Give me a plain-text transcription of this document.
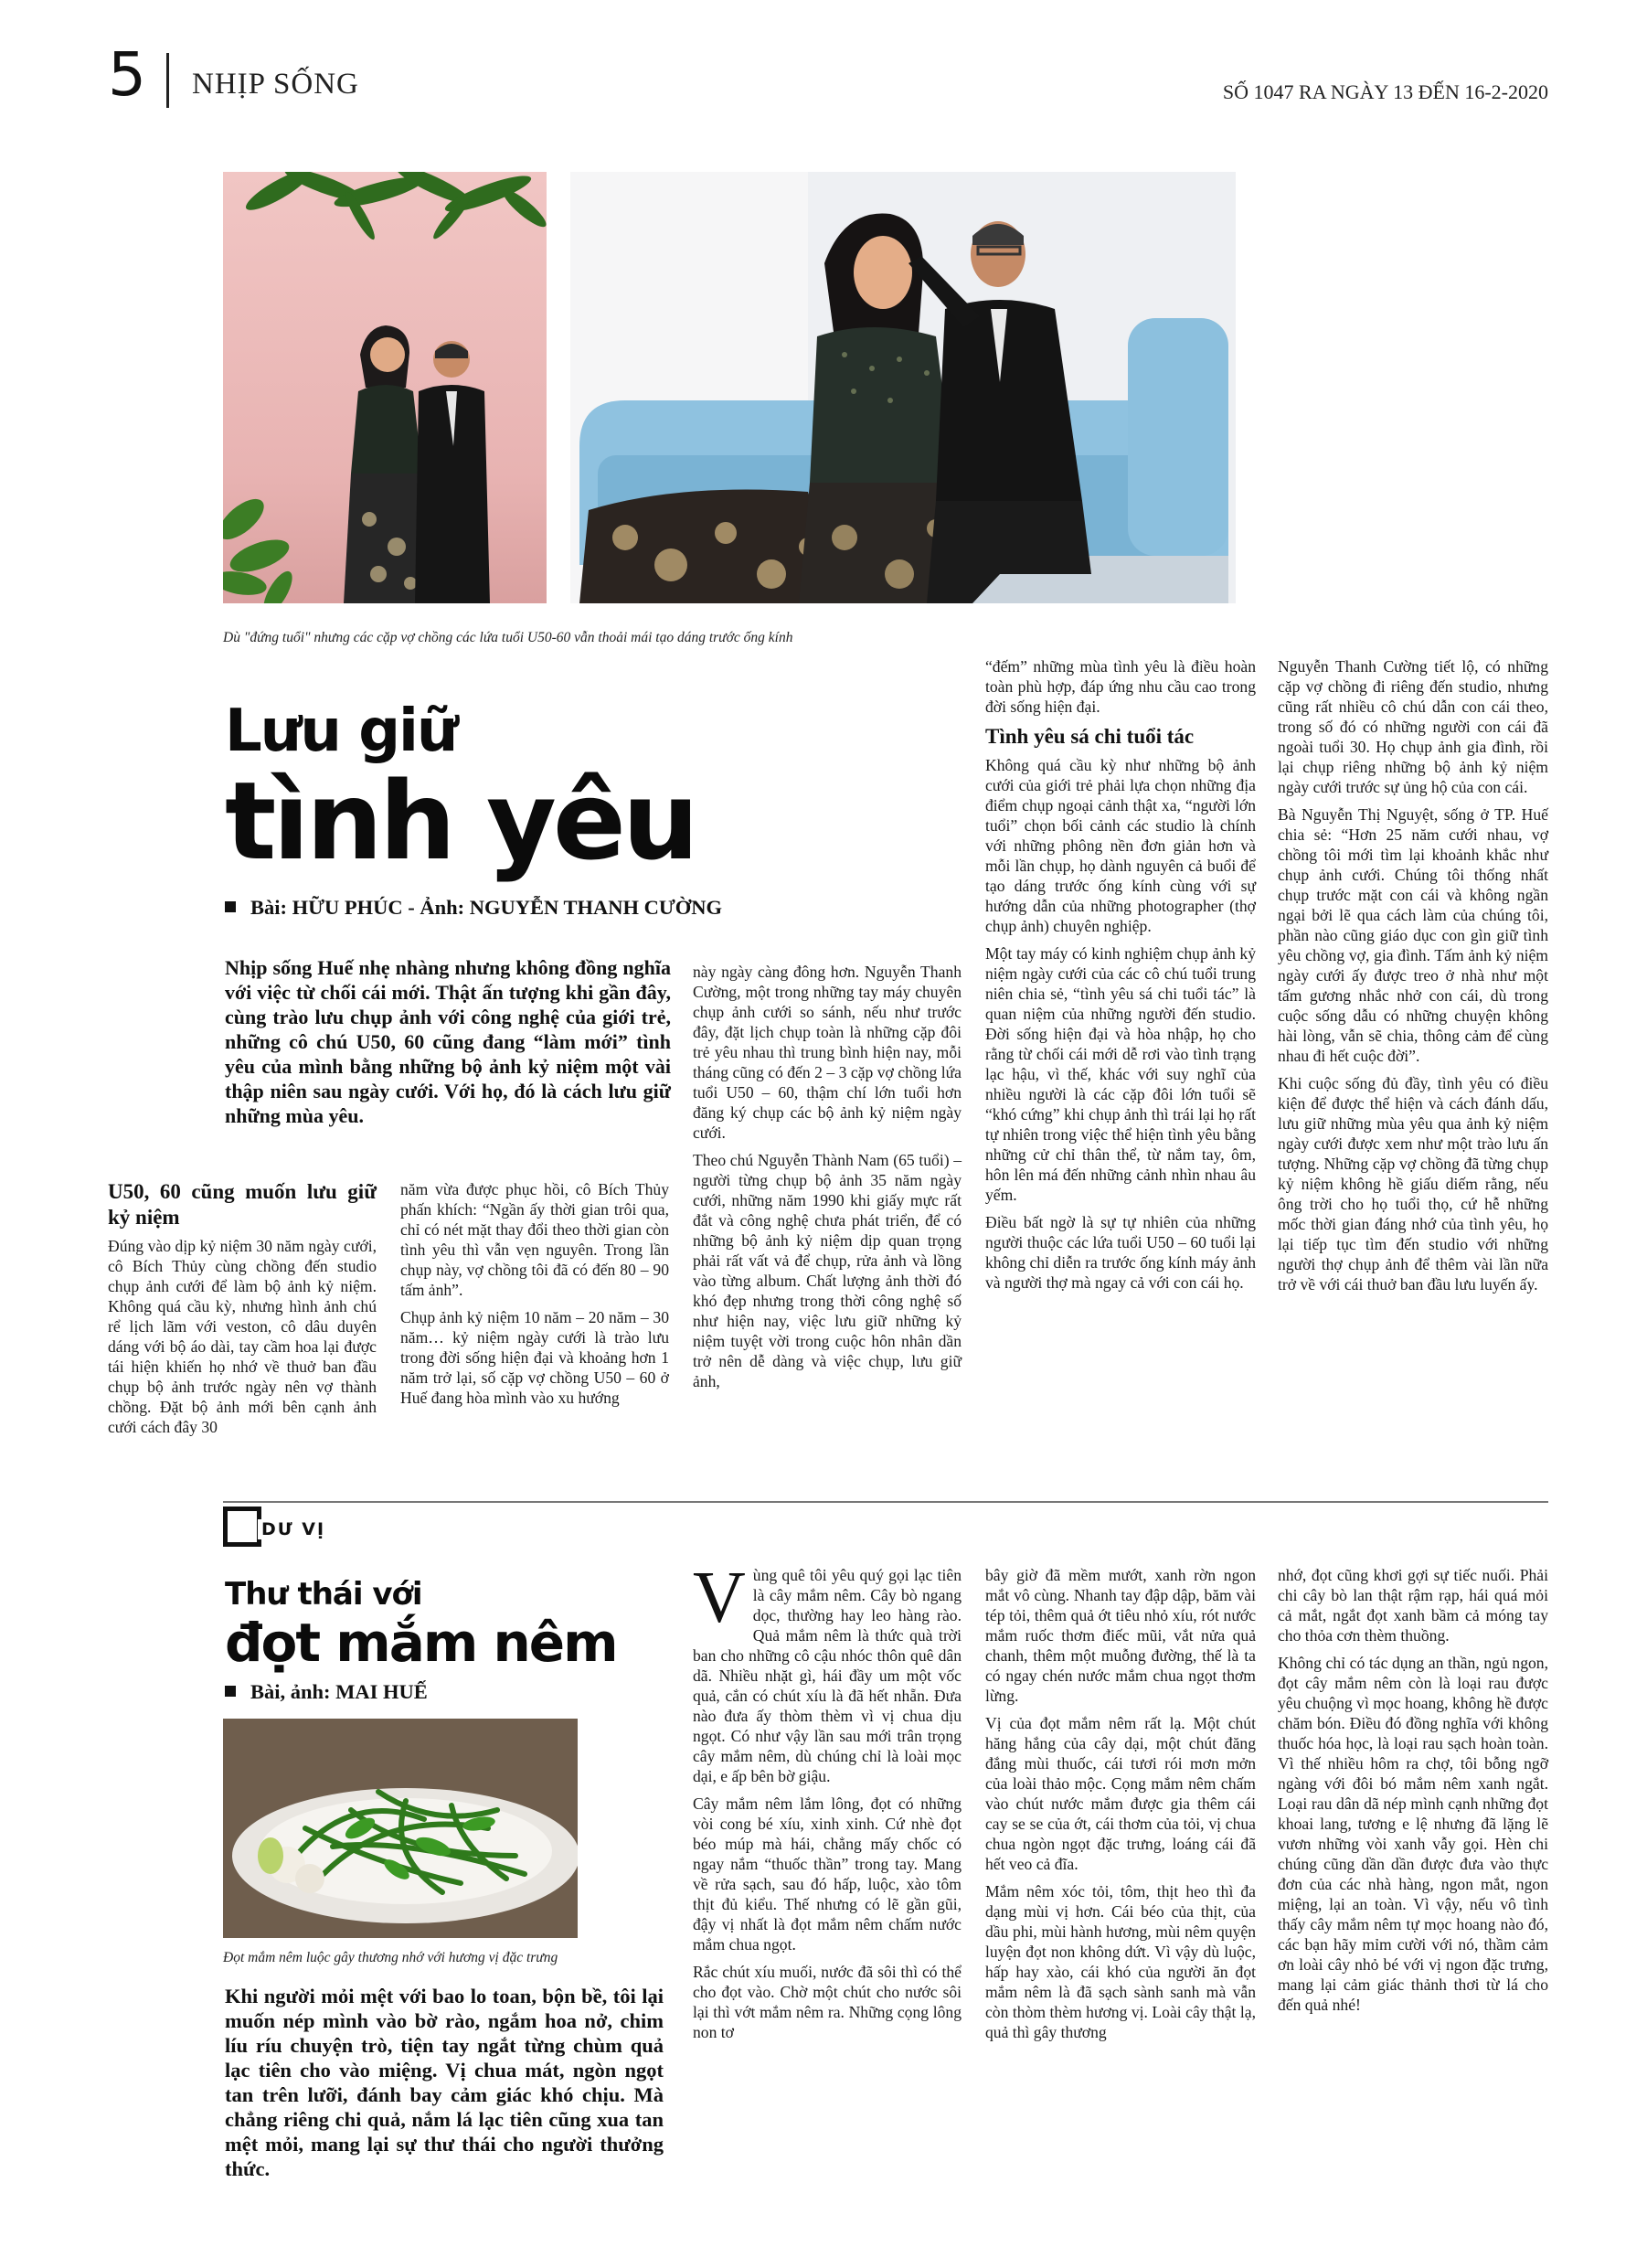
5 NHỊP SỐNG	SỐ 1047 RA NGÀY 13 ĐẾN 16-2-2020
Dù "đứng tuổi" nhưng các cặp vợ chồng các lứa tuổi U50-60 vẫn thoải mái tạo dáng trước ống kính
Lưu giữ
tình yêu
Bài: HỮU PHÚC - Ảnh: NGUYỄN THANH CƯỜNG
Nhịp sống Huế nhẹ nhàng nhưng không đồng nghĩa với việc từ chối cái mới. Thật ấn tượng khi gần đây, cùng trào lưu chụp ảnh với công nghệ của giới trẻ, những cô chú U50, 60 cũng đang “làm mới” tình yêu của mình bằng những bộ ảnh kỷ niệm một vài thập niên sau ngày cưới. Với họ, đó là cách lưu giữ những mùa yêu.
U50, 60 cũng muốn lưu giữ kỷ niệm

Đúng vào dịp kỷ niệm 30 năm ngày cưới, cô Bích Thủy cùng chồng đến studio chụp ảnh cưới để làm bộ ảnh kỷ niệm. Không quá cầu kỳ, nhưng hình ảnh chú rể lịch lãm với veston, cô dâu duyên dáng với bộ áo dài, tay cầm hoa lại được tái hiện khiến họ nhớ về thuở ban đầu chụp bộ ảnh trước ngày nên vợ thành chồng. Đặt bộ ảnh mới bên cạnh ảnh cưới cách đây 30

năm vừa được phục hồi, cô Bích Thủy phấn khích: “Ngần ấy thời gian trôi qua, chỉ có nét mặt thay đổi theo thời gian còn tình yêu thì vẫn vẹn nguyên. Trong lần chụp này, vợ chồng tôi đã có đến 80 – 90 tấm ảnh”.

Chụp ảnh kỷ niệm 10 năm – 20 năm – 30 năm… kỷ niệm ngày cưới là trào lưu trong đời sống hiện đại và khoảng hơn 1 năm trở lại, số cặp vợ chồng U50 – 60 ở Huế đang hòa mình vào xu hướng

này ngày càng đông hơn. Nguyễn Thanh Cường, một trong những tay máy chuyên chụp ảnh cưới so sánh, nếu như trước đây, đặt lịch chụp toàn là những cặp đôi trẻ yêu nhau thì trung bình hiện nay, mỗi tháng cũng có đến 2 – 3 cặp vợ chồng lứa tuổi U50 – 60, thậm chí lớn tuổi hơn đăng ký chụp các bộ ảnh kỷ niệm ngày cưới.

Theo chú Nguyễn Thành Nam (65 tuổi) – người từng chụp bộ ảnh 35 năm ngày cưới, những năm 1990 khi giấy mực rất đắt và công nghệ chưa phát triển, để có những bộ ảnh kỷ niệm dịp quan trọng phải rất vất vả để chụp, rửa ảnh và lồng vào từng album. Chất lượng ảnh thời đó khó đẹp nhưng trong thời công nghệ số như hiện nay, việc lưu giữ những kỷ niệm tuyệt vời trong cuộc hôn nhân dần trở nên dễ dàng và việc chụp, lưu giữ ảnh,

“đếm” những mùa tình yêu là điều hoàn toàn phù hợp, đáp ứng nhu cầu cao trong đời sống hiện đại.

Tình yêu sá chi tuổi tác

Không quá cầu kỳ như những bộ ảnh cưới của giới trẻ phải lựa chọn những địa điểm chụp ngoại cảnh thật xa, “người lớn tuổi” chọn bối cảnh các studio là chính với những phông nền đơn giản hơn và mỗi lần chụp, họ dành nguyên cả buổi để tạo dáng trước ống kính cùng với sự hướng dẫn của những photographer (thợ chụp ảnh) chuyên nghiệp.

Một tay máy có kinh nghiệm chụp ảnh kỷ niệm ngày cưới của các cô chú tuổi trung niên chia sẻ, “tình yêu sá chi tuổi tác” là quan niệm của những người đến studio. Đời sống hiện đại và hòa nhập, họ cho rằng từ chối cái mới dễ rơi vào tình trạng lạc hậu, vì thế, khác với suy nghĩ của nhiều người là các cặp đôi lớn tuổi sẽ “khó cứng” khi chụp ảnh thì trái lại họ rất tự nhiên trong việc thể hiện tình yêu bằng những cử chỉ thân thể, từ nắm tay, ôm, hôn lên má đến những cảnh nhìn nhau âu yếm.

Điều bất ngờ là sự tự nhiên của những người thuộc các lứa tuổi U50 – 60 tuổi lại không chỉ diễn ra trước ống kính máy ảnh và người thợ mà ngay cả với con cái họ.

Nguyễn Thanh Cường tiết lộ, có những cặp vợ chồng đi riêng đến studio, nhưng cũng rất nhiều cô chú dẫn con cái theo, trong số đó có những người con cái đã ngoài tuổi 30. Họ chụp ảnh gia đình, rồi lại chụp riêng những bộ ảnh kỷ niệm ngày cưới trước sự ủng hộ của con cái.

Bà Nguyễn Thị Nguyệt, sống ở TP. Huế chia sẻ: “Hơn 25 năm cưới nhau, vợ chồng tôi mới tìm lại khoảnh khắc như chụp ảnh cưới. Chúng tôi thống nhất chụp trước mặt con cái và không ngần ngại bởi lẽ qua cách làm của chúng tôi, phần nào cũng giáo dục con gìn giữ tình yêu chồng vợ, gia đình. Tấm ảnh kỷ niệm ngày cưới ấy được treo ở nhà như một tấm gương nhắc nhở con cái, dù trong cuộc sống dẫu có những chuyện không hài lòng, vẫn sẽ chia, thông cảm để cùng nhau đi hết cuộc đời”.

Khi cuộc sống đủ đầy, tình yêu có điều kiện để được thể hiện và cách đánh dấu, lưu giữ những mùa yêu qua ảnh kỷ niệm ngày cưới được xem như một trào lưu ấn tượng. Những cặp vợ chồng đã từng chụp kỷ niệm không hề giấu diếm rằng, nếu ông trời cho họ tuổi thọ, cứ hễ những mốc thời gian đáng nhớ của tình yêu, họ lại tiếp tục tìm đến studio với những người thợ chụp ảnh để thêm vài lần nữa trở về với cái thuở ban đầu lưu luyến ấy.

DƯ VỊ
Thư thái với
đọt mắm nêm
Bài, ảnh: MAI HUẾ
Đọt mắm nêm luộc gây thương nhớ với hương vị đặc trưng
Khi người mỏi mệt với bao lo toan, bộn bề, tôi lại muốn nép mình vào bờ rào, ngắm hoa nở, chim líu ríu chuyện trò, tiện tay ngắt từng chùm quả lạc tiên cho vào miệng. Vị chua mát, ngòn ngọt tan trên lưỡi, đánh bay cảm giác khó chịu. Mà chẳng riêng chi quả, nắm lá lạc tiên cũng xua tan mệt mỏi, mang lại sự thư thái cho người thưởng thức.

Vùng quê tôi yêu quý gọi lạc tiên là cây mắm nêm. Cây bò ngang dọc, thường hay leo hàng rào. Quả mắm nêm là thức quà trời ban cho những cô cậu nhóc thôn quê dân dã. Nhiều nhặt gì, hái đầy um một vốc quả, cắn có chút xíu là đã hết nhẵn. Đưa nào đưa ấy thòm thèm vì vị chua dịu ngọt. Có như vậy lần sau mới trân trọng cây mắm nêm, dù chúng chỉ là loài mọc dại, e ấp bên bờ giậu.

Cây mắm nêm lắm lông, đọt có những vòi cong bé xíu, xinh xinh. Cứ nhè đọt béo múp mà hái, chẳng mấy chốc có ngay nắm “thuốc thần” trong tay. Mang về rửa sạch, sau đó hấp, luộc, xào tôm thịt đủ kiểu. Thế nhưng có lẽ gần gũi, đậy vị nhất là đọt mắm nêm chấm nước mắm chua ngọt.

Rắc chút xíu muối, nước đã sôi thì có thể cho đọt vào. Chờ một chút cho nước sôi lại thì vớt mắm nêm ra. Những cọng lông non tơ

bây giờ đã mềm mướt, xanh rờn ngon mắt vô cùng. Nhanh tay đập dập, băm vài tép tỏi, thêm quả ớt tiêu nhỏ xíu, rót nước mắm ruốc thơm điếc mũi, vắt nửa quả chanh, thêm một muỗng đường, thế là ta có ngay chén nước mắm chua ngọt thơm lừng.

Vị của đọt mắm nêm rất lạ. Một chút hăng hắng của cây dại, một chút đăng đắng mùi thuốc, cái tươi rói mơn mởn của loài thảo mộc. Cọng mắm nêm chấm vào chút nước mắm được gia thêm cái cay se se của ớt, cái thơm của tỏi, vị chua chua ngòn ngọt đặc trưng, loáng cái đã hết veo cả đĩa.

Mắm nêm xóc tỏi, tôm, thịt heo thì đa dạng mùi vị hơn. Cái béo của thịt, của dầu phi, mùi hành hương, mùi nêm quyện luyện đọt non không dứt. Vì vậy dù luộc, hấp hay xào, cái khó của người ăn đọt mắm nêm là đã sạch sành sanh mà vẫn còn thòm thèm hương vị. Loài cây thật lạ, quả thì gây thương

nhớ, đọt cũng khơi gợi sự tiếc nuối. Phải chi cây bò lan thật rậm rạp, hái quá mỏi cả mắt, ngắt đọt xanh bầm cả móng tay cho thỏa cơn thèm thuồng.

Không chỉ có tác dụng an thần, ngủ ngon, đọt cây mắm nêm còn là loại rau được yêu chuộng vì mọc hoang, không hề được chăm bón. Điều đó đồng nghĩa với không thuốc hóa học, là loại rau sạch hoàn toàn. Vì thế nhiều hôm ra chợ, tôi bỗng ngỡ ngàng với đôi bó mắm nêm xanh ngắt. Loại rau dân dã nép mình cạnh những đọt khoai lang, tương e lệ nhưng đã lặng lẽ vươn những vòi xanh vẫy gọi. Hèn chi chúng cũng dần dần được đưa vào thực đơn của các nhà hàng, ngon mắt, ngon miệng, lại an toàn. Vì vậy, nếu vô tình thấy cây mắm nêm tự mọc hoang nào đó, các bạn hãy mỉm cười với nó, thầm cảm ơn loài cây nhỏ bé với vị ngon đặc trưng, mang lại cảm giác thảnh thơi từ lá cho đến quả nhé!
